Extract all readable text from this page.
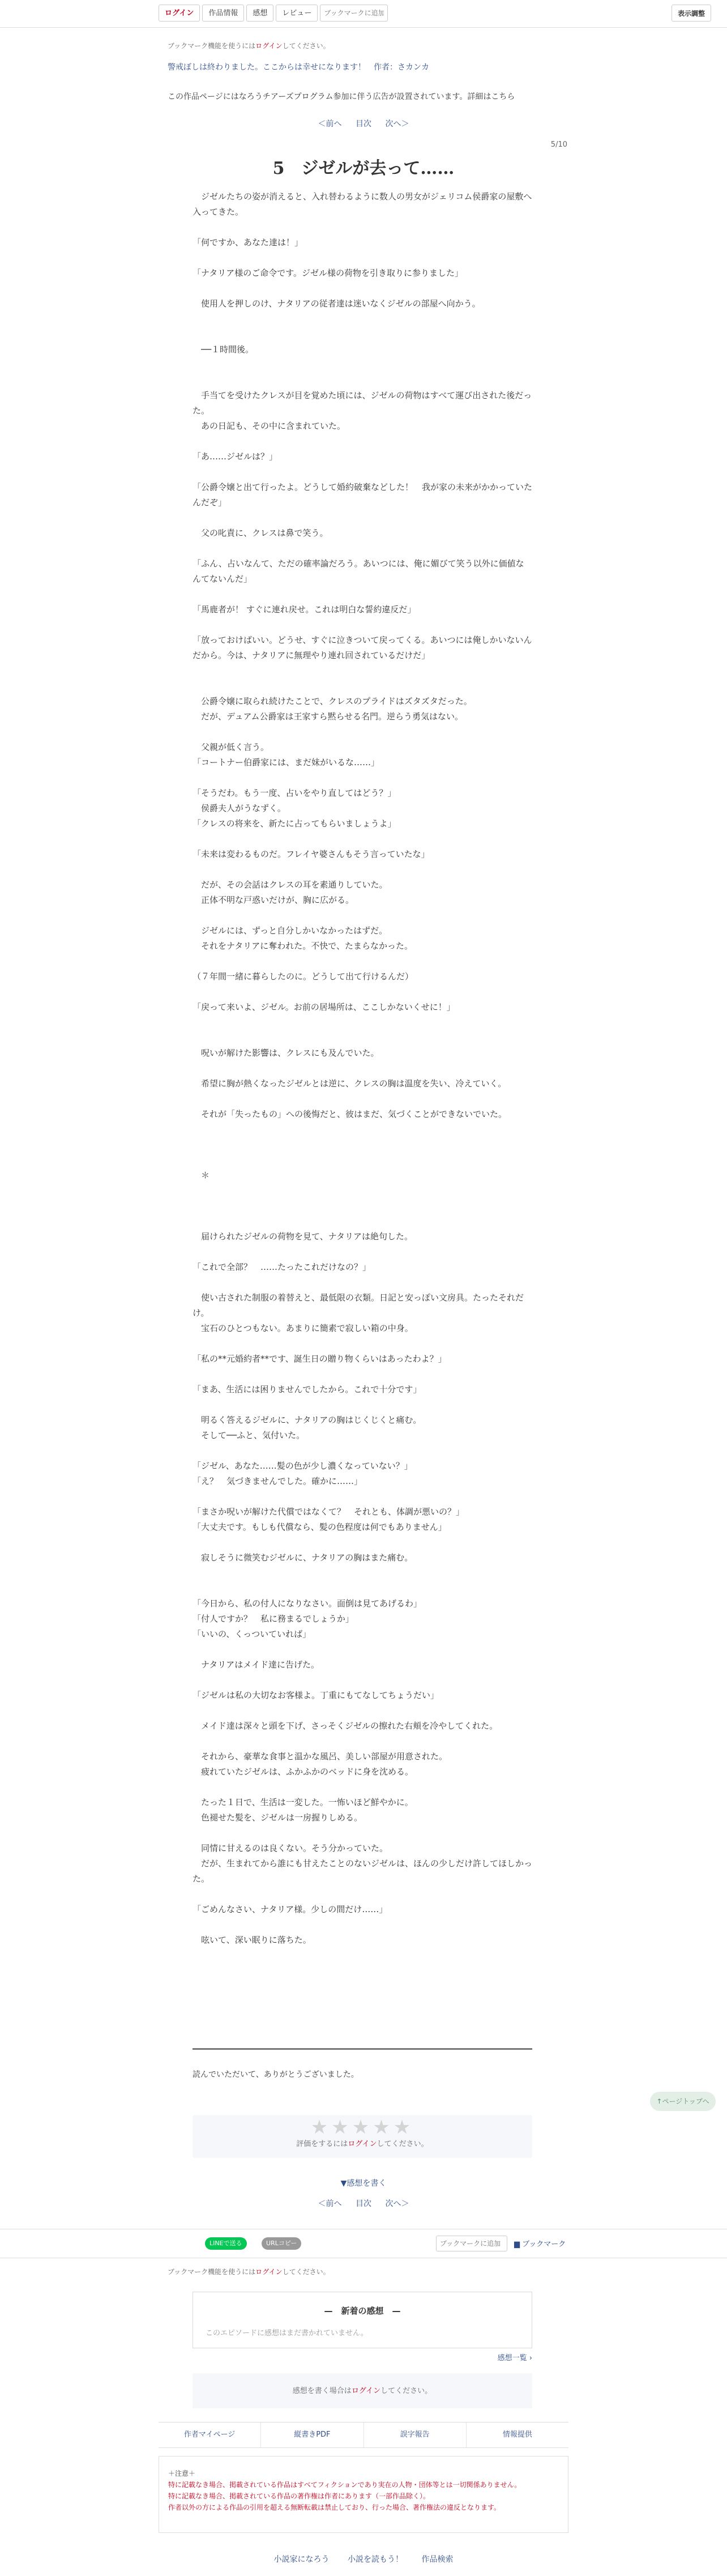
ログイン	作品情報	感想	レビュー
ブックマークに追加	表示調整
ブックマーク機能を使うにはログインしてください。
警戒ぼしは終わりました。ここからは幸せになります！　作者：さカンカ
この作品ページにはなろうチアーズプログラム参加に伴う広告が設置されています。詳細はこちら
＜前へ 目次 次へ＞
5/10
5　ジゼルが去って……

　ジゼルたちの姿が消えると、入れ替わるように数人の男女がジェリコム侯爵家の屋敷へ入ってきた。

「何ですか、あなた達は！」

「ナタリア様のご命令です。ジゼル様の荷物を引き取りに参りました」

　使用人を押しのけ、ナタリアの従者達は迷いなくジゼルの部屋へ向かう。

　──１時間後。

　手当てを受けたクレスが目を覚めた頃には、ジゼルの荷物はすべて運び出された後だった。

　あの日記も、その中に含まれていた。

「あ……ジゼルは？」

「公爵令嬢と出て行ったよ。どうして婚約破棄などした！　我が家の未来がかかっていたんだぞ」

　父の叱責に、クレスは鼻で笑う。

「ふん、占いなんて、ただの確率論だろう。あいつには、俺に媚びて笑う以外に価値なんてないんだ」

「馬鹿者が！ すぐに連れ戻せ。これは明白な誓約違反だ」

「放っておけばいい。どうせ、すぐに泣きついて戻ってくる。あいつには俺しかいないんだから。今は、ナタリアに無理やり連れ回されているだけだ」

　公爵令嬢に取られ続けたことで、クレスのプライドはズタズタだった。

　だが、デュアム公爵家は王家すら黙らせる名門。逆らう勇気はない。

　父親が低く言う。

「コートナー伯爵家には、まだ妹がいるな……」

「そうだわ。もう一度、占いをやり直してはどう？」

　侯爵夫人がうなずく。

「クレスの将来を、新たに占ってもらいましょうよ」

「未来は変わるものだ。フレイヤ婆さんもそう言っていたな」

　だが、その会話はクレスの耳を素通りしていた。

　正体不明な戸惑いだけが、胸に広がる。

　ジゼルには、ずっと自分しかいなかったはずだ。

　それをナタリアに奪われた。不快で、たまらなかった。

（７年間一緒に暮らしたのに。どうして出て行けるんだ）

「戻って来いよ、ジゼル。お前の居場所は、ここしかないくせに！」

　呪いが解けた影響は、クレスにも及んでいた。

　希望に胸が熱くなったジゼルとは逆に、クレスの胸は温度を失い、冷えていく。

　それが「失ったもの」への後悔だと、彼はまだ、気づくことができないでいた。

　＊

　届けられたジゼルの荷物を見て、ナタリアは絶句した。

「これで全部？　……たったこれだけなの？」

　使い古された制服の着替えと、最低限の衣類。日記と安っぽい文房具。たったそれだけ。

　宝石のひとつもない。あまりに簡素で寂しい箱の中身。

「私の**元婚約者**です、誕生日の贈り物くらいはあったわよ？」

「まあ、生活には困りませんでしたから。これで十分です」

　明るく答えるジゼルに、ナタリアの胸はじくじくと痛む。

　そして──ふと、気付いた。

「ジゼル、あなた……髪の色が少し濃くなっていない？」

「え？　気づきませんでした。確かに……」

「まさか呪いが解けた代償ではなくて？　それとも、体調が悪いの？」

「大丈夫です。もしも代償なら、髪の色程度は何でもありません」

　寂しそうに微笑むジゼルに、ナタリアの胸はまた痛む。

「今日から、私の付人になりなさい。面倒は見てあげるわ」

「付人ですか？　私に務まるでしょうか」

「いいの、くっついていれば」

　ナタリアはメイド達に告げた。

「ジゼルは私の大切なお客様よ。丁重にもてなしてちょうだい」

　メイド達は深々と頭を下げ、さっそくジゼルの擦れた右頬を冷やしてくれた。

　それから、豪華な食事と温かな風呂、美しい部屋が用意された。

　疲れていたジゼルは、ふかふかのベッドに身を沈める。

　たった１日で、生活は一変した。一怖いほど鮮やかに。

　色褪せた髪を、ジゼルは一房握りしめる。

　同情に甘えるのは良くない。そう分かっていた。

　だが、生まれてから誰にも甘えたことのないジゼルは、ほんの少しだけ許してほしかった。

「ごめんなさい、ナタリア様。少しの間だけ……」

　呟いて、深い眠りに落ちた。

読んでいただいて、ありがとうございました。
↑ページトップへ
★★★★★
評価をするにはログインしてください。
▼感想を書く
＜前へ 目次 次へ＞
LINEで送る	URLコピー
ブックマークに追加	▆ ブックマーク
ブックマーク機能を使うにはログインしてください。
—　新着の感想　—
このエピソードに感想はまだ書かれていません。
感想一覧 ›
感想を書く場合はログインしてください。
作者マイページ	縦書きPDF	誤字報告	情報提供
＋注意＋
特に記載なき場合、掲載されている作品はすべてフィクションであり実在の人物・団体等とは一切関係ありません。
特に記載なき場合、掲載されている作品の著作権は作者にあります（一部作品除く）。
作者以外の方による作品の引用を超える無断転載は禁止しており、行った場合、著作権法の違反となります。
小説家になろう 小説を読もう！ 作品検索
